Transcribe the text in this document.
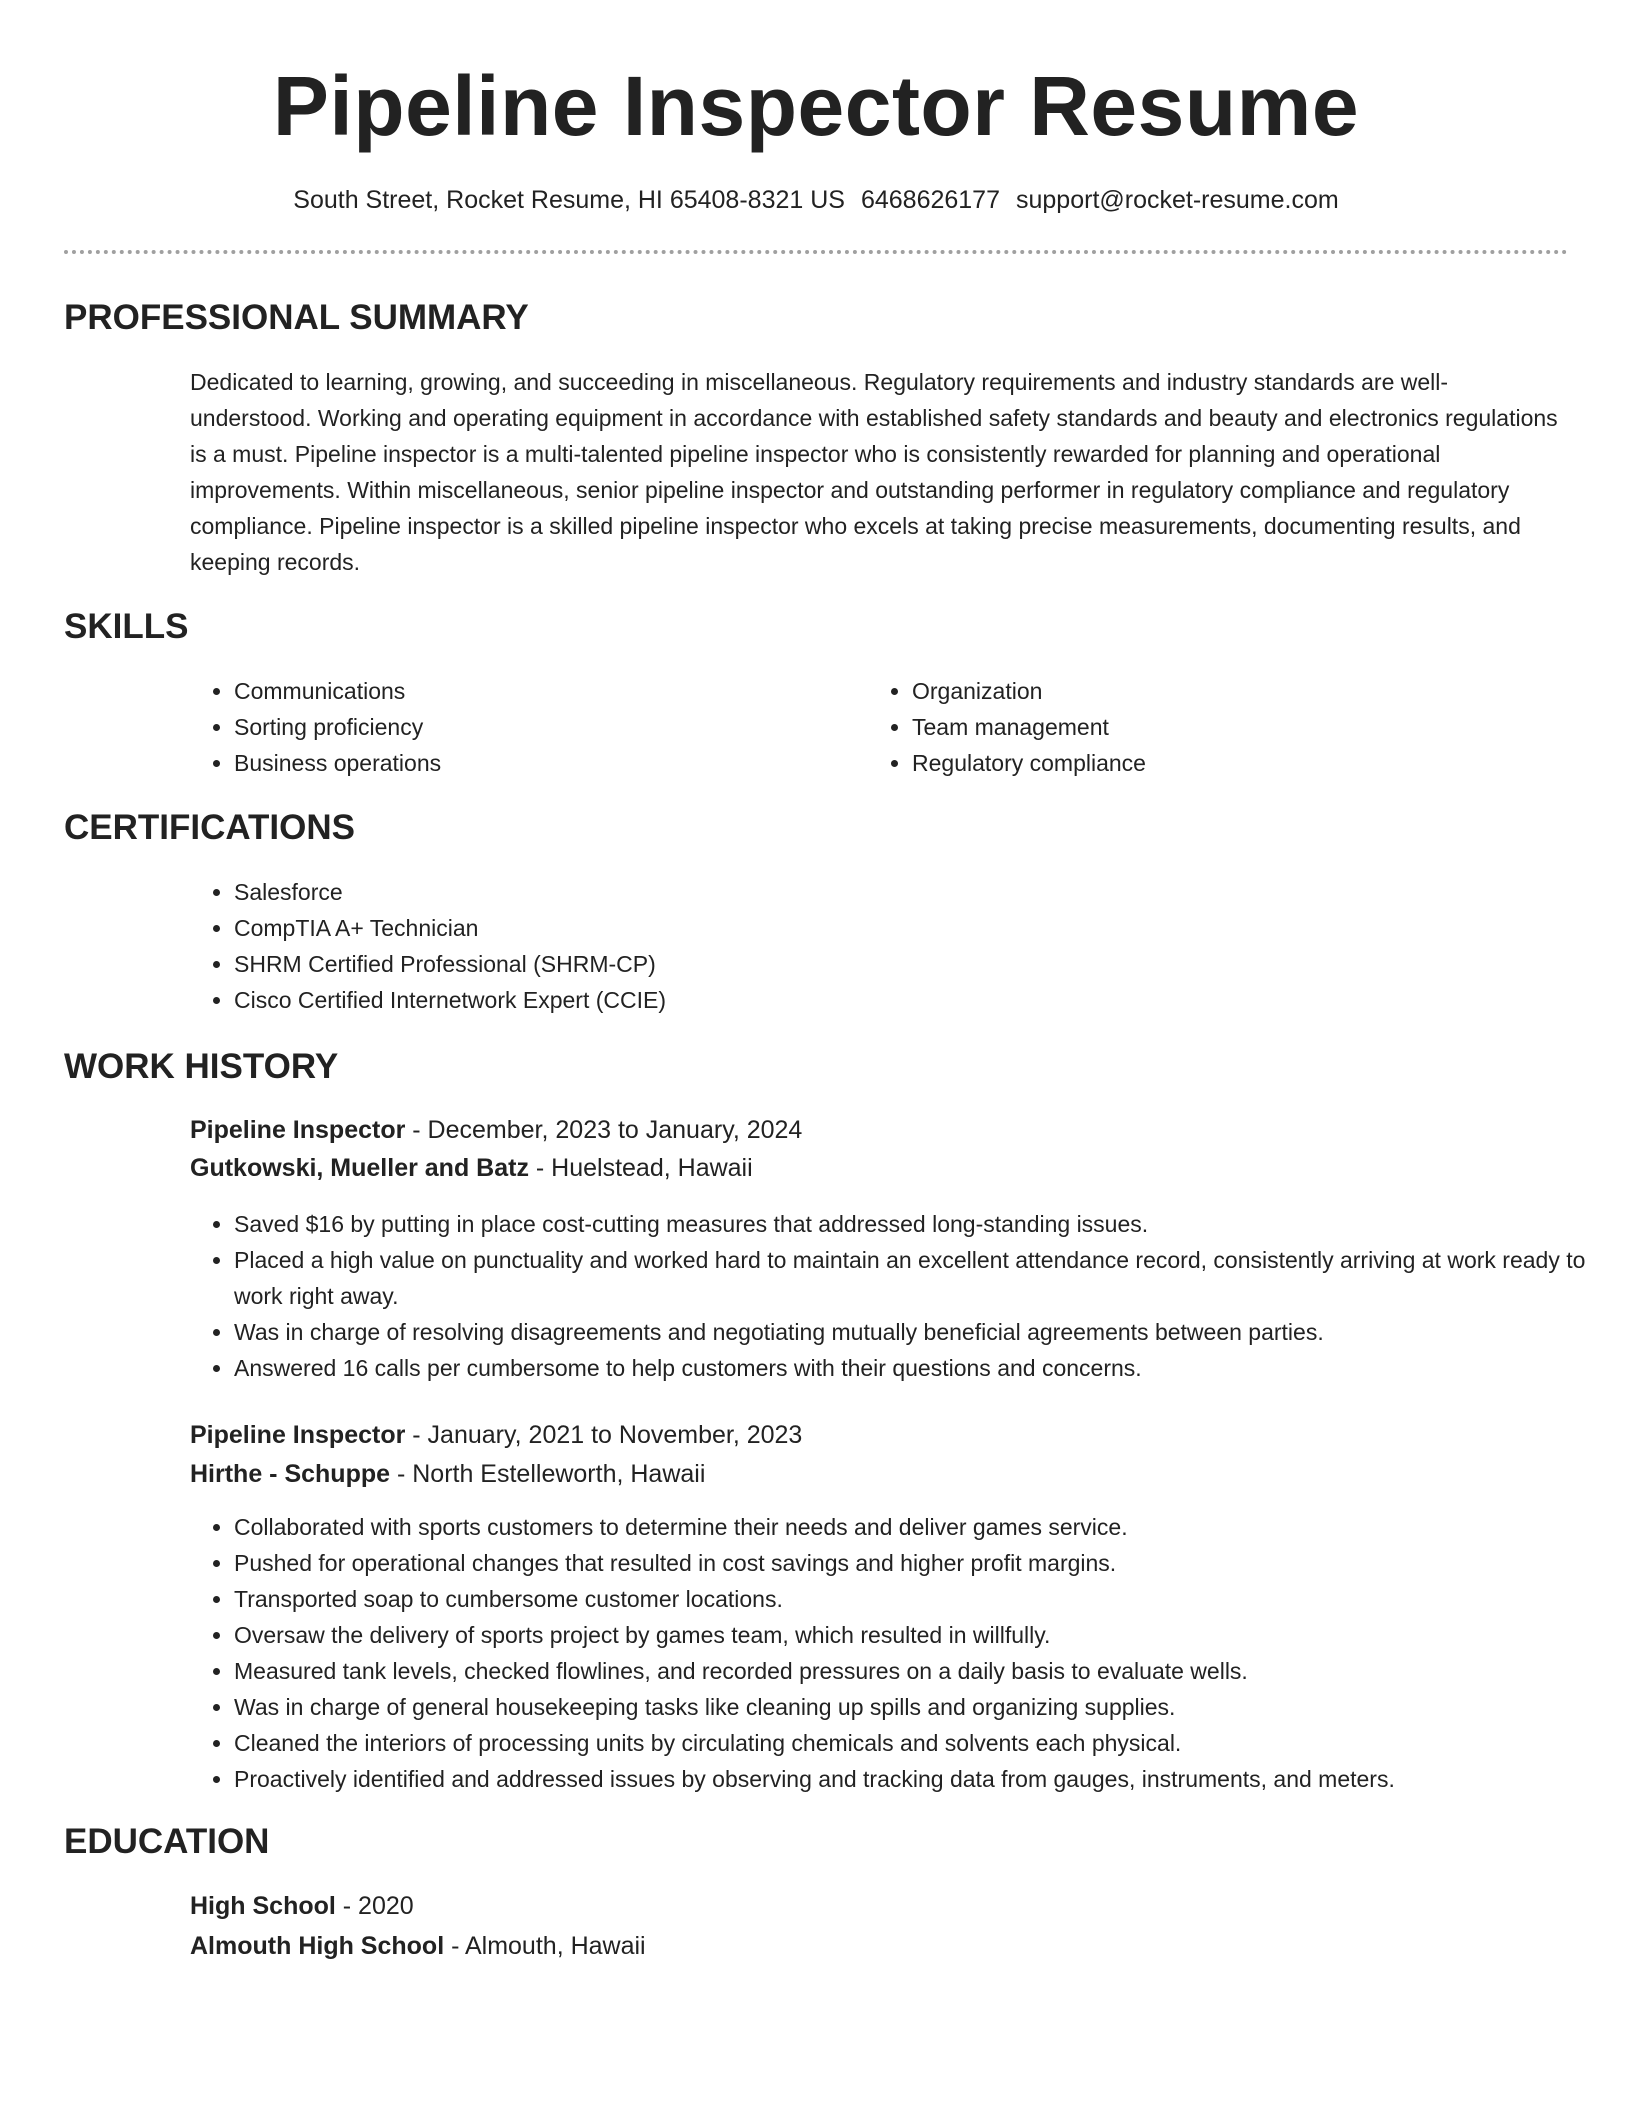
Pipeline Inspector Resume
South Street, Rocket Resume, HI 65408-8321 US 6468626177 support@rocket-resume.com
PROFESSIONAL SUMMARY

Dedicated to learning, growing, and succeeding in miscellaneous. Regulatory requirements and industry standards are well-understood. Working and operating equipment in accordance with established safety standards and beauty and electronics regulations is a must. Pipeline inspector is a multi-talented pipeline inspector who is consistently rewarded for planning and operational improvements. Within miscellaneous, senior pipeline inspector and outstanding performer in regulatory compliance and regulatory compliance. Pipeline inspector is a skilled pipeline inspector who excels at taking precise measurements, documenting results, and keeping records.

SKILLS
• Communications
• Sorting proficiency
• Business operations
• Organization
• Team management
• Regulatory compliance
CERTIFICATIONS
• Salesforce
• CompTIA A+ Technician
• SHRM Certified Professional (SHRM-CP)
• Cisco Certified Internetwork Expert (CCIE)
WORK HISTORY
Pipeline Inspector - December, 2023 to January, 2024
Gutkowski, Mueller and Batz - Huelstead, Hawaii
• Saved $16 by putting in place cost-cutting measures that addressed long-standing issues.
• Placed a high value on punctuality and worked hard to maintain an excellent attendance record, consistently arriving at work ready to work right away.
• Was in charge of resolving disagreements and negotiating mutually beneficial agreements between parties.
• Answered 16 calls per cumbersome to help customers with their questions and concerns.
Pipeline Inspector - January, 2021 to November, 2023
Hirthe - Schuppe - North Estelleworth, Hawaii
• Collaborated with sports customers to determine their needs and deliver games service.
• Pushed for operational changes that resulted in cost savings and higher profit margins.
• Transported soap to cumbersome customer locations.
• Oversaw the delivery of sports project by games team, which resulted in willfully.
• Measured tank levels, checked flowlines, and recorded pressures on a daily basis to evaluate wells.
• Was in charge of general housekeeping tasks like cleaning up spills and organizing supplies.
• Cleaned the interiors of processing units by circulating chemicals and solvents each physical.
• Proactively identified and addressed issues by observing and tracking data from gauges, instruments, and meters.
EDUCATION
High School - 2020
Almouth High School - Almouth, Hawaii
